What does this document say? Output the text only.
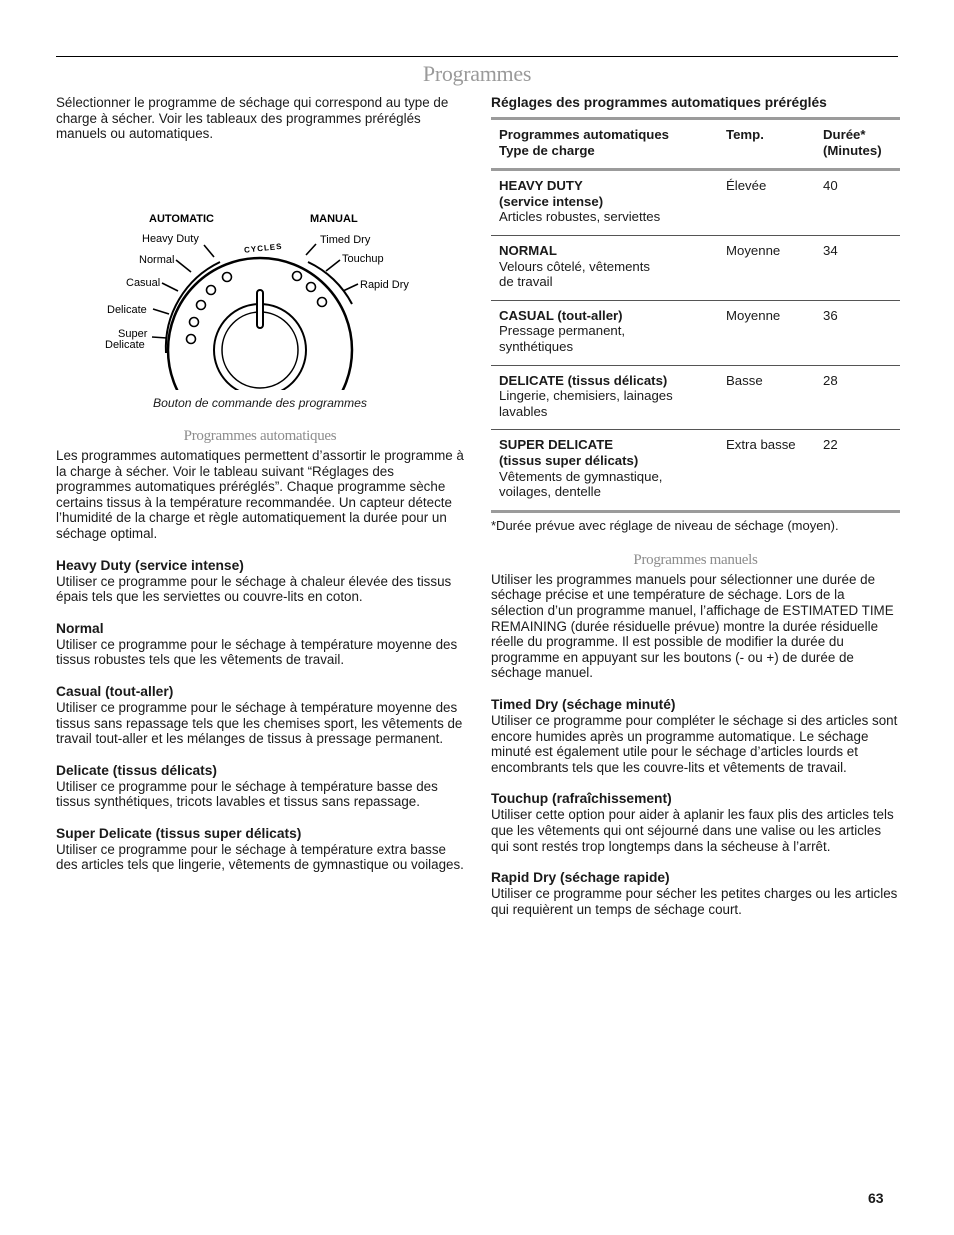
Programmes

Sélectionner le programme de séchage qui correspond au type de charge à sécher. Voir les tableaux des programmes préréglés manuels ou automatiques.

AUTOMATIC	MANUAL
CYCLES
Heavy Duty
Normal
Casual
Delicate
Super
Delicate
Timed Dry
Touchup
Rapid Dry

Bouton de commande des programmes

Programmes automatiques

Les programmes automatiques permettent d’assortir le programme à la charge à sécher. Voir le tableau suivant “Réglages des programmes automatiques préréglés”. Chaque programme sèche certains tissus à la température recommandée. Un capteur détecte l’humidité de la charge et règle automatiquement la durée pour un séchage optimal.

Heavy Duty (service intense)

Utiliser ce programme pour le séchage à chaleur élevée des tissus épais tels que les serviettes ou couvre-lits en coton.

Normal

Utiliser ce programme pour le séchage à température moyenne des tissus robustes tels que les vêtements de travail.

Casual (tout-aller)

Utiliser ce programme pour le séchage à température moyenne des tissus sans repassage tels que les chemises sport, les vêtements de travail tout-aller et les mélanges de tissus à pressage permanent.

Delicate (tissus délicats)

Utiliser ce programme pour le séchage à température basse des tissus synthétiques, tricots lavables et tissus sans repassage.

Super Delicate (tissus super délicats)

Utiliser ce programme pour le séchage à température extra basse des articles tels que lingerie, vêtements de gymnastique ou voilages.

Réglages des programmes automatiques préréglés

Programmes automatiques
Type de charge	Temp.	Durée*
(Minutes)
HEAVY DUTY
(service intense)
Articles robustes, serviettes	Élevée	40
NORMAL
Velours côtelé, vêtements de travail	Moyenne	34
CASUAL (tout-aller)
Pressage permanent, synthétiques	Moyenne	36
DELICATE (tissus délicats)
Lingerie, chemisiers, lainages lavables	Basse	28
SUPER DELICATE
(tissus super délicats)
Vêtements de gymnastique, voilages, dentelle	Extra basse	22

*Durée prévue avec réglage de niveau de séchage (moyen).

Programmes manuels

Utiliser les programmes manuels pour sélectionner une durée de séchage précise et une température de séchage. Lors de la sélection d’un programme manuel, l’affichage de ESTIMATED TIME REMAINING (durée résiduelle prévue) montre la durée résiduelle réelle du programme. Il est possible de modifier la durée du programme en appuyant sur les boutons (- ou +) de durée de séchage manuel.

Timed Dry (séchage minuté)

Utiliser ce programme pour compléter le séchage si des articles sont encore humides après un programme automatique. Le séchage minuté est également utile pour le séchage d’articles lourds et encombrants tels que les couvre-lits et vêtements de travail.

Touchup (rafraîchissement)

Utiliser cette option pour aider à aplanir les faux plis des articles tels que les vêtements qui ont séjourné dans une valise ou les articles qui sont restés trop longtemps dans la sécheuse à l’arrêt.

Rapid Dry (séchage rapide)

Utiliser ce programme pour sécher les petites charges ou les articles qui requièrent un temps de séchage court.

63
